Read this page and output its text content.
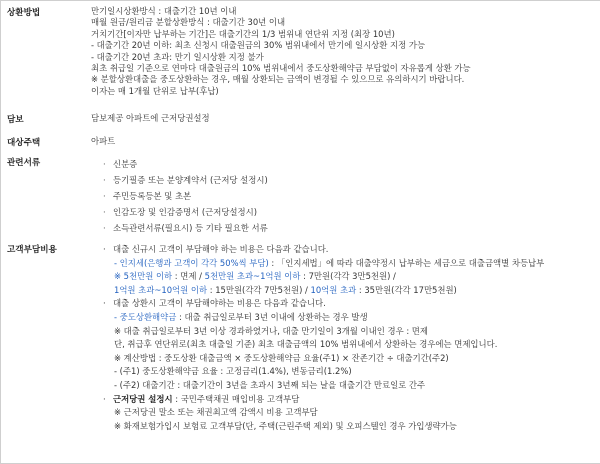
상환방법	만기일시상환방식 : 대출기간 10년 이내
매월 원금/원리금 분할상환방식 : 대출기간 30년 이내
거치기간[이자만 납부하는 기간]은 대출기간의 1/3 범위내 연단위 지정 (최장 10년)
- 대출기간 20년 이하: 최초 신청시 대출원금의 30% 범위내에서 만기에 일시상환 지정 가능
- 대출기간 20년 초과: 만기 일시상환 지정 불가
최초 취급일 기준으로 연마다 대출원금의 10% 범위내에서 중도상환해약금 부담없이 자유롭게 상환 가능
※ 분할상환대출을 중도상환하는 경우, 매월 상환되는 금액이 변경될 수 있으므로 유의하시기 바랍니다.
이자는 매 1개월 단위로 납부(후납)
담보	담보제공 아파트에 근저당권설정
대상주택	아파트
관련서류	· 신분증
· 등기필증 또는 분양계약서 (근저당 설정시)
· 주민등록등본 및 초본
· 인감도장 및 인감증명서 (근저당설정시)
· 소득관련서류(필요시) 등 기타 필요한 서류
고객부담비용	· 대출 신규시 고객이 부담해야 하는 비용은 다음과 같습니다.
- 인지세(은행과 고객이 각각 50%씩 부담) : 「인지세법」에 따라 대출약정시 납부하는 세금으로 대출금액별 차등납부
※ 5천만원 이하 : 면제 / 5천만원 초과~1억원 이하 : 7만원(각각 3만5천원) /
1억원 초과~10억원 이하 : 15만원(각각 7만5천원) / 10억원 초과 : 35만원(각각 17만5천원)
· 대출 상환시 고객이 부담해야하는 비용은 다음과 같습니다.
- 중도상환해약금 : 대출 취급일로부터 3년 이내에 상환하는 경우 발생
※ 대출 취급일로부터 3년 이상 경과하였거나, 대출 만기일이 3개월 이내인 경우 : 면제
단, 취급후 연단위로(최초 대출일 기준) 최초 대출금액의 10% 범위내에서 상환하는 경우에는 면제입니다.
※ 계산방법 : 중도상환 대출금액 × 중도상환해약금 요율(주1) × 잔존기간 ÷ 대출기간(주2)
- (주1) 중도상환해약금 요율 : 고정금리(1.4%), 변동금리(1.2%)
- (주2) 대출기간 : 대출기간이 3년을 초과시 3년째 되는 날을 대출기간 만료일로 간주
· 근저당권 설정시 : 국민주택채권 매입비용 고객부담
※ 근저당권 말소 또는 채권최고액 감액시 비용 고객부담
※ 화재보험가입시 보험료 고객부담(단, 주택(근린주택 제외) 및 오피스텔인 경우 가입생략가능
